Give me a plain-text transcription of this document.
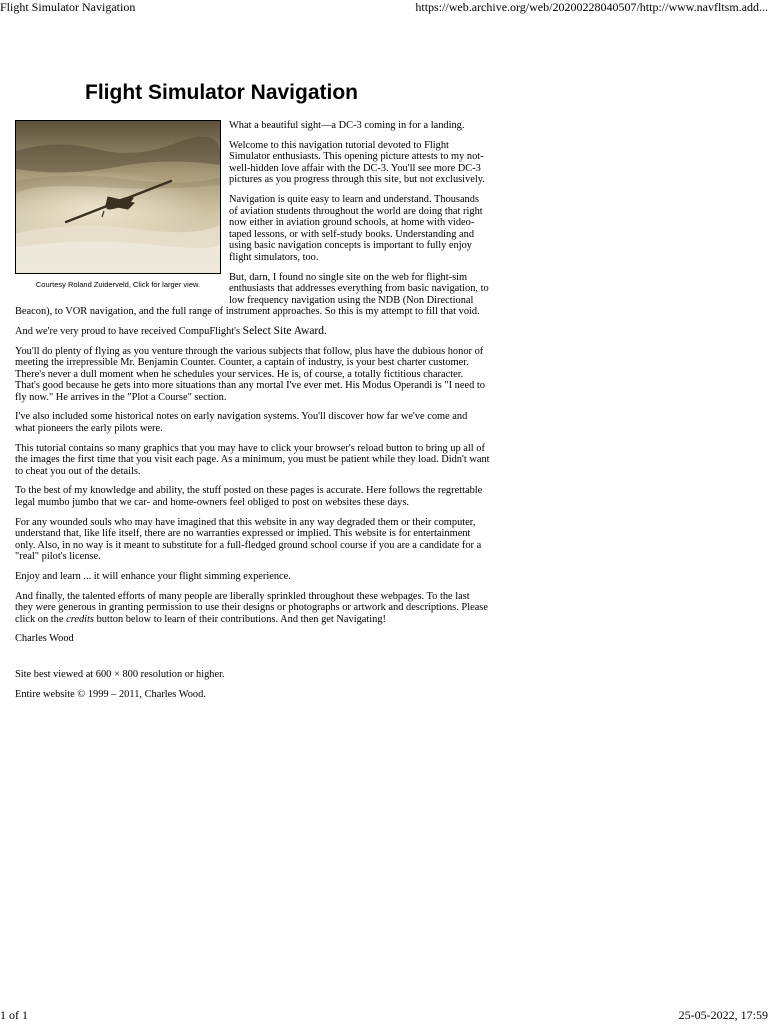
Flight Simulator Navigation	https://web.archive.org/web/20200228040507/http://www.navfltsm.add...
Flight Simulator Navigation
Courtesy Roland Zuiderveld, Click for larger view.

What a beautiful sight—a DC-3 coming in for a landing.

Welcome to this navigation tutorial devoted to Flight Simulator enthusiasts. This opening picture attests to my not-well-hidden love affair with the DC-3. You'll see more DC-3 pictures as you progress through this site, but not exclusively.

Navigation is quite easy to learn and understand. Thousands of aviation students throughout the world are doing that right now either in aviation ground schools, at home with video-taped lessons, or with self-study books. Understanding and using basic navigation concepts is important to fully enjoy flight simulators, too.

But, darn, I found no single site on the web for flight-sim enthusiasts that addresses everything from basic navigation, to low frequency navigation using the NDB (Non Directional Beacon), to VOR navigation, and the full range of instrument approaches. So this is my attempt to fill that void.

And we're very proud to have received CompuFlight's Select Site Award.

You'll do plenty of flying as you venture through the various subjects that follow, plus have the dubious honor of meeting the irrepressible Mr. Benjamin Counter. Counter, a captain of industry, is your best charter customer. There's never a dull moment when he schedules your services. He is, of course, a totally fictitious character. That's good because he gets into more situations than any mortal I've ever met. His Modus Operandi is "I need to fly now." He arrives in the "Plot a Course" section.

I've also included some historical notes on early navigation systems. You'll discover how far we've come and what pioneers the early pilots were.

This tutorial contains so many graphics that you may have to click your browser's reload button to bring up all of the images the first time that you visit each page. As a minimum, you must be patient while they load. Didn't want to cheat you out of the details.

To the best of my knowledge and ability, the stuff posted on these pages is accurate. Here follows the regrettable legal mumbo jumbo that we car- and home-owners feel obliged to post on websites these days.

For any wounded souls who may have imagined that this website in any way degraded them or their computer, understand that, like life itself, there are no warranties expressed or implied. This website is for entertainment only. Also, in no way is it meant to substitute for a full-fledged ground school course if you are a candidate for a "real" pilot's license.

Enjoy and learn ... it will enhance your flight simming experience.

And finally, the talented efforts of many people are liberally sprinkled throughout these webpages. To the last they were generous in granting permission to use their designs or photographs or artwork and descriptions. Please click on the credits button below to learn of their contributions. And then get Navigating!

Charles Wood

Site best viewed at 600 × 800 resolution or higher.

Entire website © 1999 – 2011, Charles Wood.

1 of 1	25-05-2022, 17:59
